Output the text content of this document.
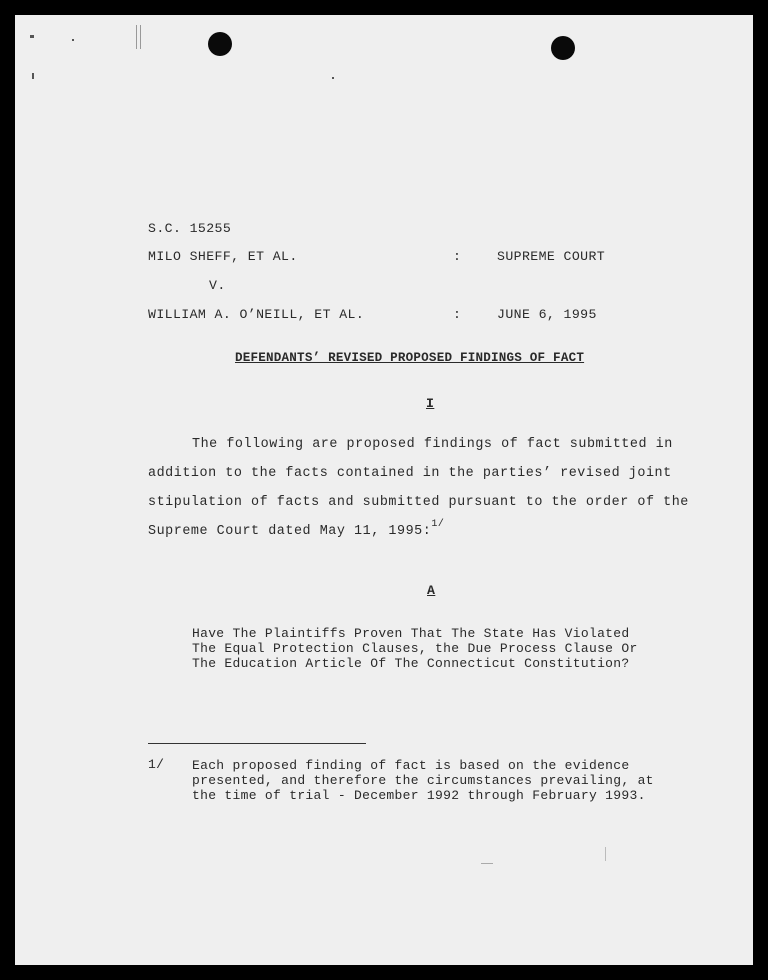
S.C. 15255
MILO SHEFF, ET AL.	:	SUPREME COURT
V.
WILLIAM A. O’NEILL, ET AL.	:	JUNE 6, 1995
DEFENDANTS’ REVISED PROPOSED FINDINGS OF FACT
I
The following are proposed findings of fact submitted in
addition to the facts contained in the parties’ revised joint
stipulation of facts and submitted pursuant to the order of the
Supreme Court dated May 11, 1995:$^{1/}$
A
Have The Plaintiffs Proven That The State Has Violated
The Equal Protection Clauses, the Due Process Clause Or
The Education Article Of The Connecticut Constitution?
1/ Each proposed finding of fact is based on the evidence
presented, and therefore the circumstances prevailing, at
the time of trial - December 1992 through February 1993.
